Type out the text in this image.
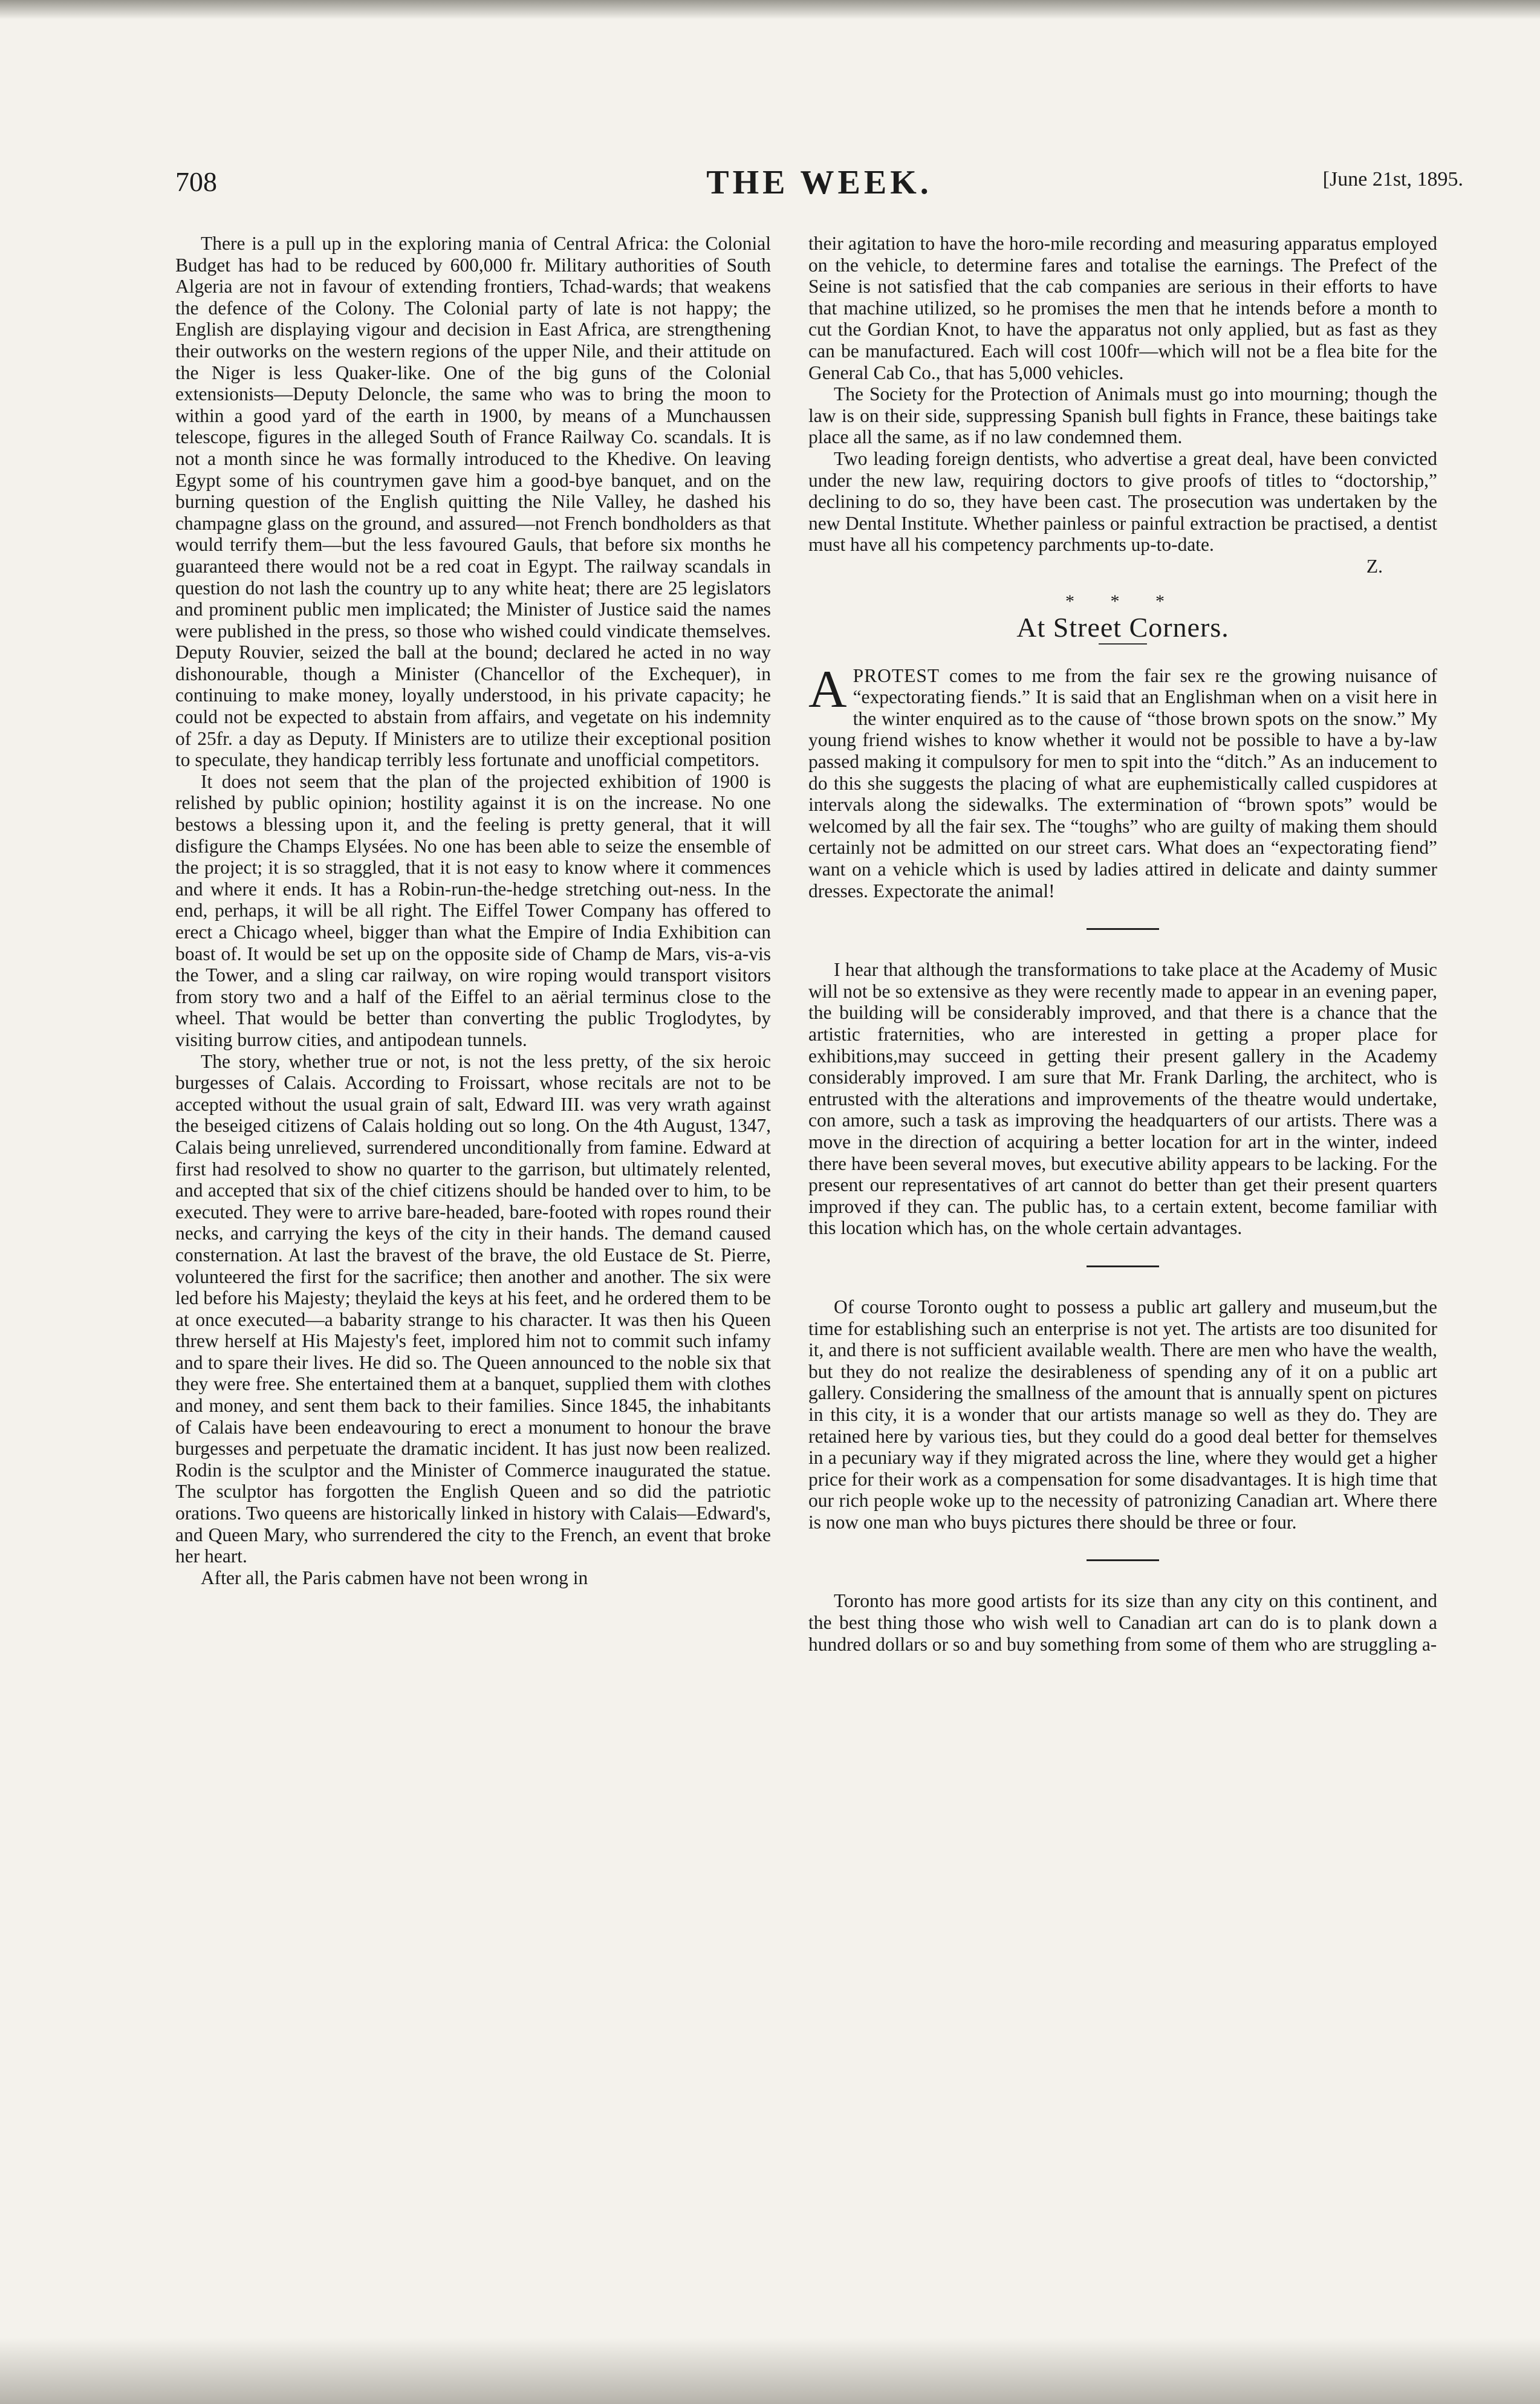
708	THE WEEK.	[June 21st, 1895.

There is a pull up in the exploring mania of Central Africa: the Colonial Budget has had to be reduced by 600,000 fr. Military authorities of South Algeria are not in favour of extending frontiers, Tchad-wards; that weakens the defence of the Colony. The Colonial party of late is not happy; the English are displaying vigour and decision in East Africa, are strengthening their outworks on the western regions of the upper Nile, and their attitude on the Niger is less Quaker-like. One of the big guns of the Colonial extensionists—Deputy Deloncle, the same who was to bring the moon to within a good yard of the earth in 1900, by means of a Munchaussen telescope, figures in the alleged South of France Railway Co. scandals. It is not a month since he was formally introduced to the Khedive. On leaving Egypt some of his countrymen gave him a good-bye banquet, and on the burning question of the English quitting the Nile Valley, he dashed his champagne glass on the ground, and assured—not French bondholders as that would terrify them—but the less favoured Gauls, that before six months he guaranteed there would not be a red coat in Egypt. The railway scandals in question do not lash the country up to any white heat; there are 25 legislators and prominent public men implicated; the Minister of Justice said the names were published in the press, so those who wished could vindicate themselves. Deputy Rouvier, seized the ball at the bound; declared he acted in no way dishonourable, though a Minister (Chancellor of the Exchequer), in continuing to make money, loyally understood, in his private capacity; he could not be expected to abstain from affairs, and vegetate on his indemnity of 25fr. a day as Deputy. If Ministers are to utilize their exceptional position to speculate, they handicap terribly less fortunate and unofficial competitors.

It does not seem that the plan of the projected exhibition of 1900 is relished by public opinion; hostility against it is on the increase. No one bestows a blessing upon it, and the feeling is pretty general, that it will disfigure the Champs Elysées. No one has been able to seize the ensemble of the project; it is so straggled, that it is not easy to know where it commences and where it ends. It has a Robin-run-the-hedge stretching out-ness. In the end, perhaps, it will be all right. The Eiffel Tower Company has offered to erect a Chicago wheel, bigger than what the Empire of India Exhibition can boast of. It would be set up on the opposite side of Champ de Mars, vis-a-vis the Tower, and a sling car railway, on wire roping would transport visitors from story two and a half of the Eiffel to an aërial terminus close to the wheel. That would be better than converting the public Troglodytes, by visiting burrow cities, and antipodean tunnels.

The story, whether true or not, is not the less pretty, of the six heroic burgesses of Calais. According to Froissart, whose recitals are not to be accepted without the usual grain of salt, Edward III. was very wrath against the beseiged citizens of Calais holding out so long. On the 4th August, 1347, Calais being unrelieved, surrendered unconditionally from famine. Edward at first had resolved to show no quarter to the garrison, but ultimately relented, and accepted that six of the chief citizens should be handed over to him, to be executed. They were to arrive bare-headed, bare-footed with ropes round their necks, and carrying the keys of the city in their hands. The demand caused consternation. At last the bravest of the brave, the old Eustace de St. Pierre, volunteered the first for the sacrifice; then another and another. The six were led before his Majesty; theylaid the keys at his feet, and he ordered them to be at once executed—a babarity strange to his character. It was then his Queen threw herself at His Majesty's feet, implored him not to commit such infamy and to spare their lives. He did so. The Queen announced to the noble six that they were free. She entertained them at a banquet, supplied them with clothes and money, and sent them back to their families. Since 1845, the inhabitants of Calais have been endeavouring to erect a monument to honour the brave burgesses and perpetuate the dramatic incident. It has just now been realized. Rodin is the sculptor and the Minister of Commerce inaugurated the statue. The sculptor has forgotten the English Queen and so did the patriotic orations. Two queens are historically linked in history with Calais—Edward's, and Queen Mary, who surrendered the city to the French, an event that broke her heart.

After all, the Paris cabmen have not been wrong in

their agitation to have the horo-mile recording and measuring apparatus employed on the vehicle, to determine fares and totalise the earnings. The Prefect of the Seine is not satisfied that the cab companies are serious in their efforts to have that machine utilized, so he promises the men that he intends before a month to cut the Gordian Knot, to have the apparatus not only applied, but as fast as they can be manufactured. Each will cost 100fr—which will not be a flea bite for the General Cab Co., that has 5,000 vehicles.

The Society for the Protection of Animals must go into mourning; though the law is on their side, suppressing Spanish bull fights in France, these baitings take place all the same, as if no law condemned them.

Two leading foreign dentists, who advertise a great deal, have been convicted under the new law, requiring doctors to give proofs of titles to “doctorship,” declining to do so, they have been cast. The prosecution was undertaken by the new Dental Institute. Whether painless or painful extraction be practised, a dentist must have all his competency parchments up-to-date.

Z.

* * *
At Street Corners.

APROTEST comes to me from the fair sex re the growing nuisance of “expectorating fiends.” It is said that an Englishman when on a visit here in the winter enquired as to the cause of “those brown spots on the snow.” My young friend wishes to know whether it would not be possible to have a by-law passed making it compulsory for men to spit into the “ditch.” As an inducement to do this she suggests the placing of what are euphemistically called cuspidores at intervals along the sidewalks. The extermination of “brown spots” would be welcomed by all the fair sex. The “toughs” who are guilty of making them should certainly not be admitted on our street cars. What does an “expectorating fiend” want on a vehicle which is used by ladies attired in delicate and dainty summer dresses. Expectorate the animal!

I hear that although the transformations to take place at the Academy of Music will not be so extensive as they were recently made to appear in an evening paper, the building will be considerably improved, and that there is a chance that the artistic fraternities, who are interested in getting a proper place for exhibitions,may succeed in getting their present gallery in the Academy considerably improved. I am sure that Mr. Frank Darling, the architect, who is entrusted with the alterations and improvements of the theatre would undertake, con amore, such a task as improving the headquarters of our artists. There was a move in the direction of acquiring a better location for art in the winter, indeed there have been several moves, but executive ability appears to be lacking. For the present our representatives of art cannot do better than get their present quarters improved if they can. The public has, to a certain extent, become familiar with this location which has, on the whole certain advantages.

Of course Toronto ought to possess a public art gallery and museum,but the time for establishing such an enterprise is not yet. The artists are too disunited for it, and there is not sufficient available wealth. There are men who have the wealth, but they do not realize the desirableness of spending any of it on a public art gallery. Considering the smallness of the amount that is annually spent on pictures in this city, it is a wonder that our artists manage so well as they do. They are retained here by various ties, but they could do a good deal better for themselves in a pecuniary way if they migrated across the line, where they would get a higher price for their work as a compensation for some disadvantages. It is high time that our rich people woke up to the necessity of patronizing Canadian art. Where there is now one man who buys pictures there should be three or four.

Toronto has more good artists for its size than any city on this continent, and the best thing those who wish well to Canadian art can do is to plank down a hundred dollars or so and buy something from some of them who are struggling a-
